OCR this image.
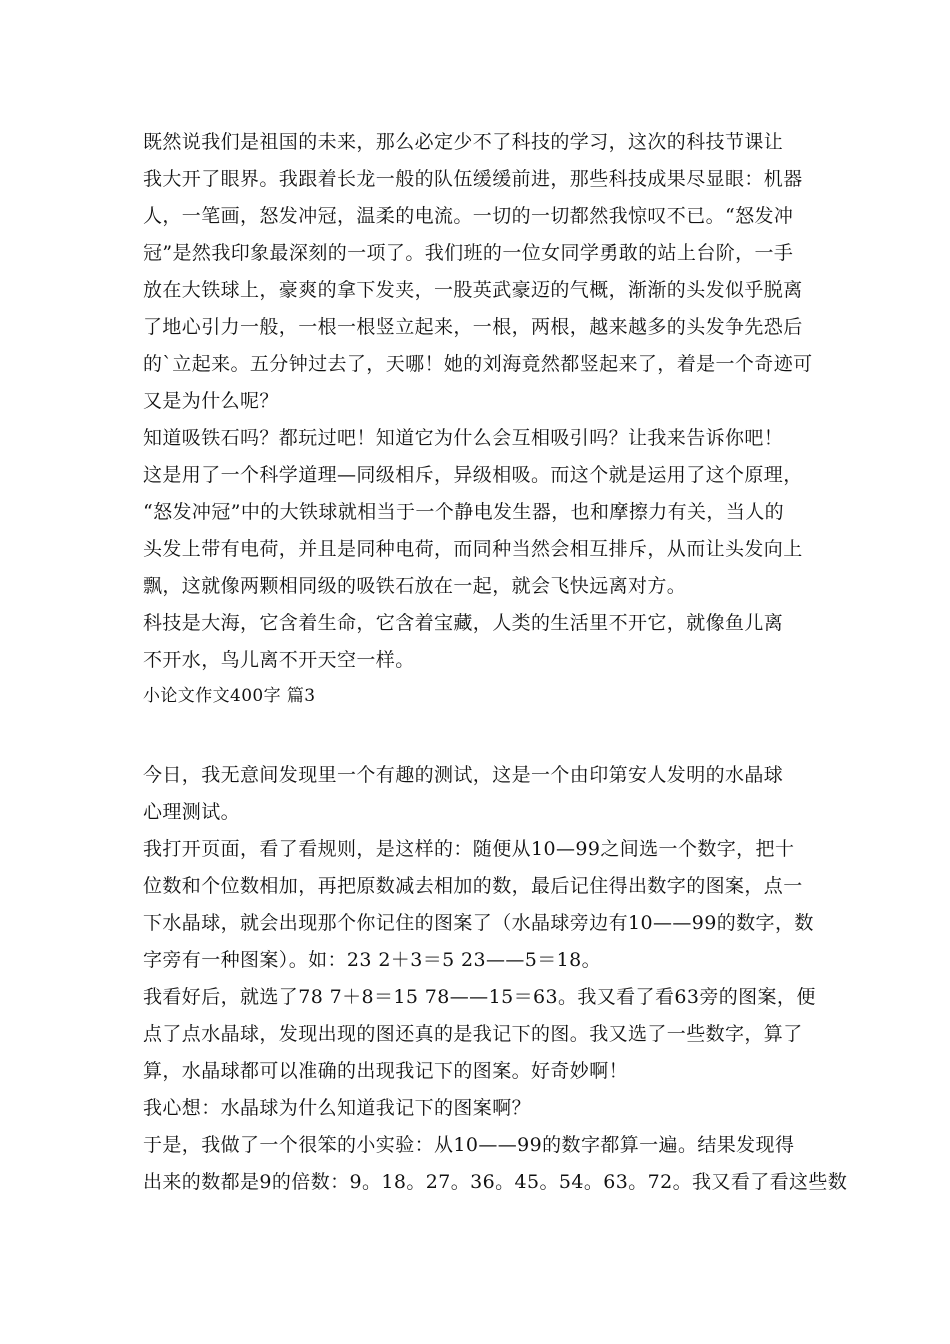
既然说我们是祖国的未来，那么必定少不了科技的学习，这次的科技节课让
我大开了眼界。我跟着长龙一般的队伍缓缓前进，那些科技成果尽显眼：机器
人，一笔画，怒发冲冠，温柔的电流。一切的一切都然我惊叹不已。“怒发冲
冠”是然我印象最深刻的一项了。我们班的一位女同学勇敢的站上台阶，一手
放在大铁球上，豪爽的拿下发夹，一股英武豪迈的气概，渐渐的头发似乎脱离
了地心引力一般，一根一根竖立起来，一根，两根，越来越多的头发争先恐后
的`立起来。五分钟过去了，天哪！她的刘海竟然都竖起来了，着是一个奇迹可
又是为什么呢？
知道吸铁石吗？都玩过吧！知道它为什么会互相吸引吗？让我来告诉你吧！
这是用了一个科学道理—同级相斥，异级相吸。而这个就是运用了这个原理，
“怒发冲冠”中的大铁球就相当于一个静电发生器，也和摩擦力有关，当人的
头发上带有电荷，并且是同种电荷，而同种当然会相互排斥，从而让头发向上
飘，这就像两颗相同级的吸铁石放在一起，就会飞快远离对方。
科技是大海，它含着生命，它含着宝藏，人类的生活里不开它，就像鱼儿离
不开水，鸟儿离不开天空一样。
小论文作文400字 篇3
今日，我无意间发现里一个有趣的测试，这是一个由印第安人发明的水晶球
心理测试。
我打开页面，看了看规则，是这样的：随便从10—99之间选一个数字，把十
位数和个位数相加，再把原数减去相加的数，最后记住得出数字的图案，点一
下水晶球，就会出现那个你记住的图案了（水晶球旁边有10——99的数字，数
字旁有一种图案）。如：23 2＋3＝5 23——5＝18。
我看好后，就选了78 7＋8＝15 78——15＝63。我又看了看63旁的图案，便
点了点水晶球，发现出现的图还真的是我记下的图。我又选了一些数字，算了
算，水晶球都可以准确的出现我记下的图案。好奇妙啊！
我心想：水晶球为什么知道我记下的图案啊？
于是，我做了一个很笨的小实验：从10——99的数字都算一遍。结果发现得
出来的数都是9的倍数：9。18。27。36。45。54。63。72。我又看了看这些数
